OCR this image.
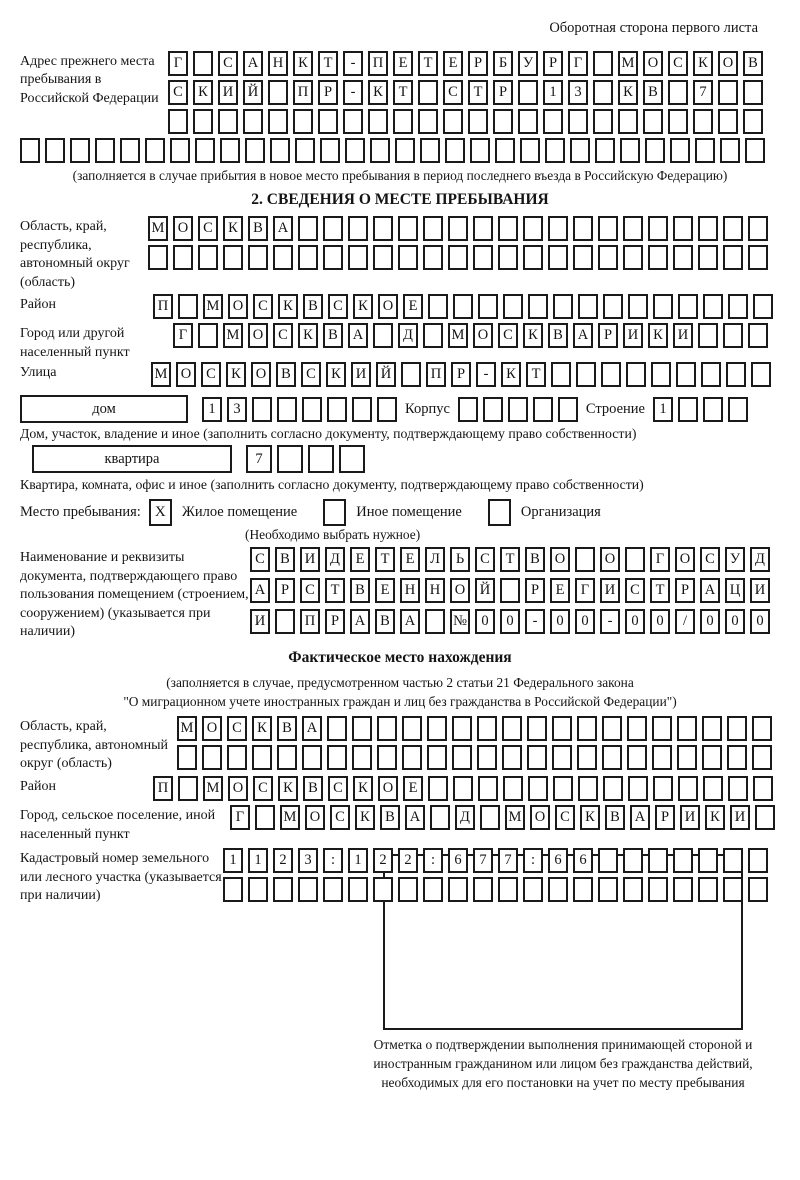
Оборотная сторона первого листа
Адрес прежнего места пребывания в Российской Федерации
Г	С	А	Н	К	Т	-	П	Е	Т	Е	Р	Б	У	Р	Г	М О	С	К	О	В
С	К	И	Й	П	Р	-	К	Т	С	Т	Р	1	3	К	В	7
(заполняется в случае прибытия в новое место пребывания в период последнего въезда в Российскую Федерацию)
2. СВЕДЕНИЯ О МЕСТЕ ПРЕБЫВАНИЯ
Область, край, республика, автономный округ (область)
М О	С	К	В	А
Район	П	М О	С	К	В	С	К	О	Е
Город или другой населенный пункт
Г	М О	С	К	В	А	Д	М О	С	К	В	А	Р	И	К	И
Улица	М О	С	К	О	В	С	К	И	Й	П	Р	-	К	Т
дом	1	3	Корпус	Строение 1
Дом, участок, владение и иное (заполнить согласно документу, подтверждающему право собственности)
квартира	7
Квартира, комната, офис и иное (заполнить согласно документу, подтверждающему право собственности)
Место пребывания: X	Жилое помещение	Иное помещение	Организация
(Необходимо выбрать нужное)
Наименование и реквизиты документа, подтверждающего право пользования помещением (строением, сооружением) (указывается при наличии)
С	В	И	Д	Е	Т	Е	Л	Ь	С	Т	В	О	О	Г	О	С	У	Д
А	Р	С	Т	В	Е	Н	Н	О	Й	Р	Е	Г	И	С	Т	Р	А	Ц	И
И	П	Р	А	В	А	№ 0	0	-	0	0	-	0	0	/	0	0	0
Фактическое место нахождения
(заполняется в случае, предусмотренном частью 2 статьи 21 Федерального закона
"О миграционном учете иностранных граждан и лиц без гражданства в Российской Федерации")
Область, край, республика, автономный округ (область)
М О	С	К	В	А
Район	П	М О	С	К	В	С	К	О	Е
Город, сельское поселение, иной населенный пункт
Г	М О	С	К	В	А	Д	М О	С	К	В	А	Р	И	К	И
Кадастровый номер земельного или лесного участка (указывается при наличии)
1	1	2	3	:	1	2	2	:	6	7	7	:	6	6
Отметка о подтверждении выполнения принимающей стороной и иностранным гражданином или лицом без гражданства действий, необходимых для его постановки на учет по месту пребывания
